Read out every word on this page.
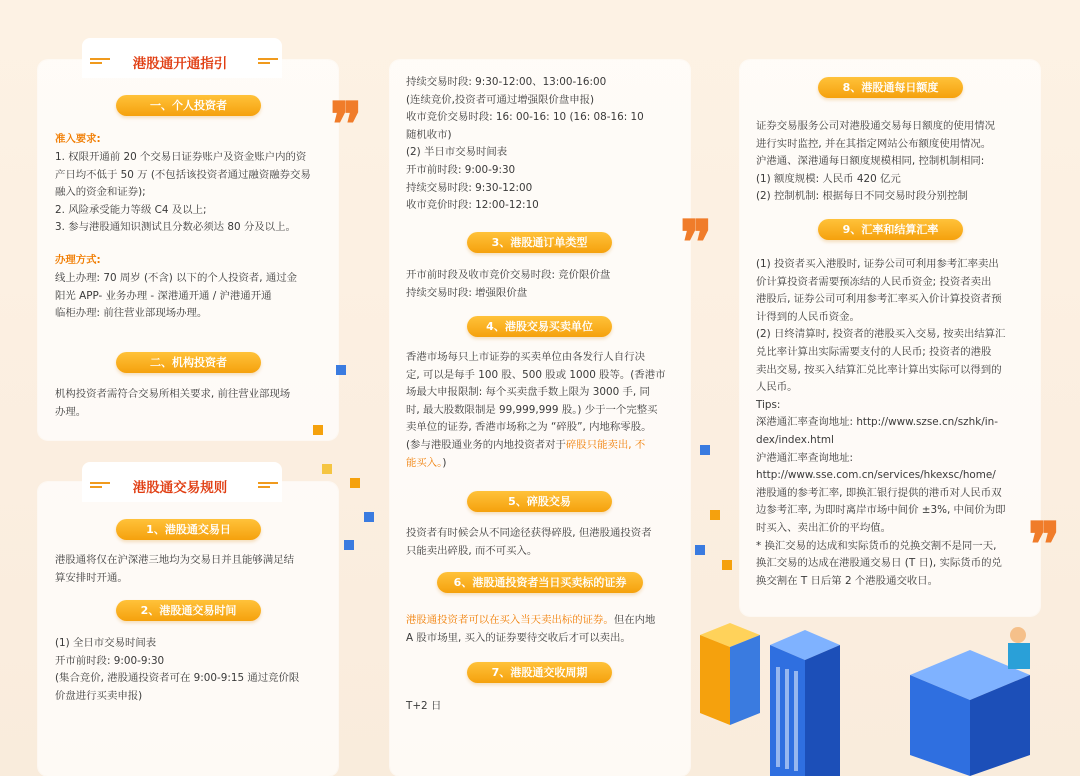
港股通开通指引
一、个人投资者
准入要求:
1. 权限开通前 20 个交易日证券账户及资金账户内的资
产日均不低于 50 万 (不包括该投资者通过融资融券交易
融入的资金和证券);
2. 风险承受能力等级 C4 及以上;
3. 参与港股通知识测试且分数必须达 80 分及以上。
办理方式:
线上办理: 70 周岁 (不含) 以下的个人投资者, 通过金
阳光 APP- 业务办理 - 深港通开通 / 沪港通开通
临柜办理: 前往营业部现场办理。
二、机构投资者
机构投资者需符合交易所相关要求, 前往营业部现场
办理。
港股通交易规则
1、港股通交易日
港股通将仅在沪深港三地均为交易日并且能够满足结
算安排时开通。
2、港股通交易时间
(1) 全日市交易时间表
开市前时段: 9:00-9:30
(集合竞价, 港股通投资者可在 9:00-9:15 通过竞价限
价盘进行买卖申报)
持续交易时段: 9:30-12:00、13:00-16:00
(连续竞价,投资者可通过增强限价盘申报)
收市竞价交易时段: 16: 00-16: 10 (16: 08-16: 10
随机收市)
(2) 半日市交易时间表
开市前时段: 9:00-9:30
持续交易时段: 9:30-12:00
收市竞价时段: 12:00-12:10
3、港股通订单类型
开市前时段及收市竞价交易时段: 竞价限价盘
持续交易时段: 增强限价盘
4、港股交易买卖单位
香港市场每只上市证券的买卖单位由各发行人自行决
定, 可以是每手 100 股、500 股或 1000 股等。(香港市
场最大申报限制: 每个买卖盘手数上限为 3000 手, 同
时, 最大股数限制是 99,999,999 股。) 少于一个完整买
卖单位的证券, 香港市场称之为 “碎股”, 内地称零股。
(参与港股通业务的内地投资者对于碎股只能卖出, 不
能买入。)
5、碎股交易
投资者有时候会从不同途径获得碎股, 但港股通投资者
只能卖出碎股, 而不可买入。
6、港股通投资者当日买卖标的证券
港股通投资者可以在买入当天卖出标的证券。但在内地
A 股市场里, 买入的证券要待交收后才可以卖出。
7、港股通交收周期
T+2 日
8、港股通每日额度
证券交易服务公司对港股通交易每日额度的使用情况
进行实时监控, 并在其指定网站公布额度使用情况。
沪港通、深港通每日额度规模相同, 控制机制相同:
(1) 额度规模: 人民币 420 亿元
(2) 控制机制: 根据每日不同交易时段分别控制
9、汇率和结算汇率
(1) 投资者买入港股时, 证券公司可利用参考汇率卖出
价计算投资者需要预冻结的人民币资金; 投资者卖出
港股后, 证券公司可利用参考汇率买入价计算投资者预
计得到的人民币资金。
(2) 日终清算时, 投资者的港股买入交易, 按卖出结算汇
兑比率计算出实际需要支付的人民币; 投资者的港股
卖出交易, 按买入结算汇兑比率计算出实际可以得到的
人民币。
Tips:
深港通汇率查询地址: http://www.szse.cn/szhk/in-
dex/index.html
沪港通汇率查询地址:
http://www.sse.com.cn/services/hkexsc/home/
港股通的参考汇率, 即换汇银行提供的港币对人民币双
边参考汇率, 为即时离岸市场中间价 ±3%, 中间价为即
时买入、卖出汇价的平均值。
* 换汇交易的达成和实际货币的兑换交割不是同一天,
换汇交易的达成在港股通交易日 (T 日), 实际货币的兑
换交割在 T 日后第 2 个港股通交收日。
❞
❞
❞
